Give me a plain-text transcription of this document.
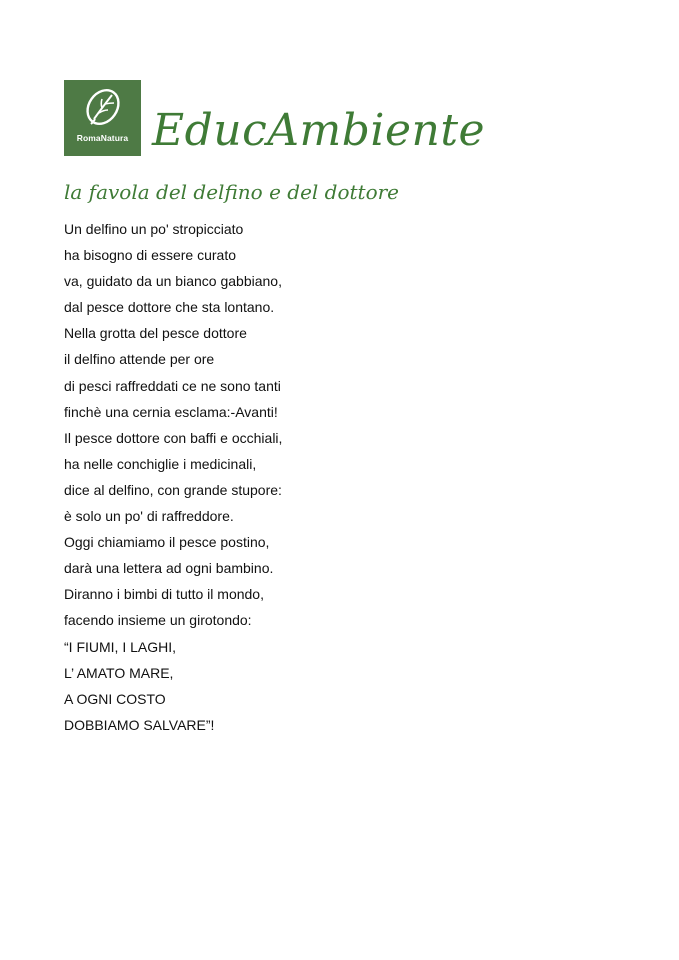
RomaNatura EducAmbiente
la favola del delfino e del dottore
Un delfino un po' stropicciato
ha bisogno di essere curato
va, guidato da un bianco gabbiano,
dal pesce dottore che sta lontano.
Nella grotta del pesce dottore
il delfino attende per ore
di pesci raffreddati ce ne sono tanti
finchè una cernia esclama:-Avanti!
Il pesce dottore con baffi e occhiali,
ha nelle conchiglie i medicinali,
dice al delfino, con grande stupore:
è solo un po' di raffreddore.
Oggi chiamiamo il pesce postino,
darà una lettera ad ogni bambino.
Diranno i bimbi di tutto il mondo,
facendo insieme un girotondo:
“I FIUMI, I LAGHI,
L’ AMATO MARE,
A OGNI COSTO
DOBBIAMO SALVARE”!
